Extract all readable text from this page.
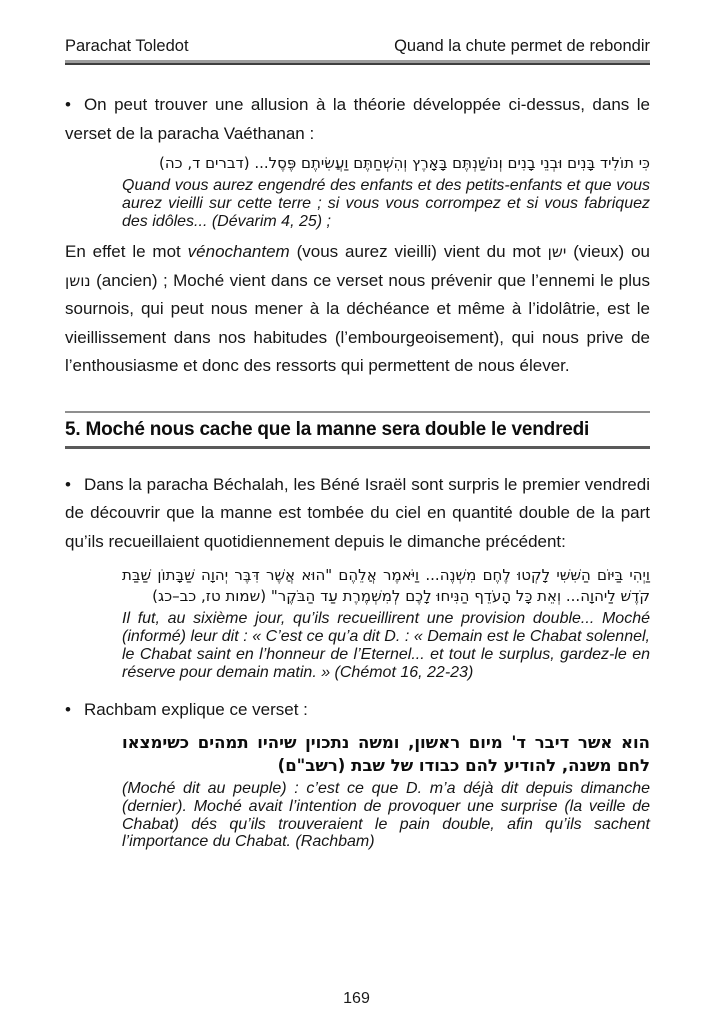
Parachat Toledot	Quand la chute permet de rebondir

• On peut trouver une allusion à la théorie développée ci-dessus, dans le verset de la paracha Vaéthanan :

כִּי תוֹלִיד בָּנִים וּבְנֵי בָנִים וְנוֹשַׁנְתֶּם בָּאָרֶץ וְהִשְׁחַתֶּם וַעֲשִׂיתֶם פֶּסֶל... (דברים ד, כה)

Quand vous aurez engendré des enfants et des petits-enfants et que vous aurez vieilli sur cette terre ; si vous vous corrompez et si vous fabriquez des idôles... (Dévarim 4, 25) ;

En effet le mot vénochantem (vous aurez vieilli) vient du mot ישן (vieux) ou נושן (ancien) ; Moché vient dans ce verset nous prévenir que l’ennemi le plus sournois, qui peut nous mener à la déchéance et même à l’idolâtrie, est le vieillissement dans nos habitudes (l’embourgeoisement), qui nous prive de l’enthousiasme et donc des ressorts qui permettent de nous élever.

5. Moché nous cache que la manne sera double le vendredi

• Dans la paracha Béchalah, les Béné Israël sont surpris le premier vendredi de découvrir que la manne est tombée du ciel en quantité double de la part qu’ils recueillaient quotidiennement depuis le dimanche précédent:

וַיְהִי בַּיּוֹם הַשִּׁשִּׁי לָקְטוּ לֶחֶם מִשְׁנֶה... וַיֹּאמֶר אֲלֵהֶם "הוּא אֲשֶׁר דִּבֶּר יְהוָה שַׁבָּתוֹן שַׁבַּת קֹדֶשׁ לַיהוָה... וְאֵת כָּל הָעֹדֵף הַנִּיחוּ לָכֶם לְמִשְׁמֶרֶת עַד הַבֹּקֶר" (שמות טז, כב–כג)

Il fut, au sixième jour, qu’ils recueillirent une provision double... Moché (informé) leur dit : « C’est ce qu’a dit D. : « Demain est le Chabat solennel, le Chabat saint en l’honneur de l’Eternel... et tout le surplus, gardez-le en réserve pour demain matin. » (Chémot 16, 22-23)

• Rachbam explique ce verset :

הוא אשר דיבר ד' מיום ראשון, ומשה נתכוין שיהיו תמהים כשימצאו לחם משנה, להודיע להם כבודו של שבת (רשב"ם)

(Moché dit au peuple) : c’est ce que D. m’a déjà dit depuis dimanche (dernier). Moché avait l’intention de provoquer une surprise (la veille de Chabat) dés qu’ils trouveraient le pain double, afin qu’ils sachent l’importance du Chabat. (Rachbam)

169
